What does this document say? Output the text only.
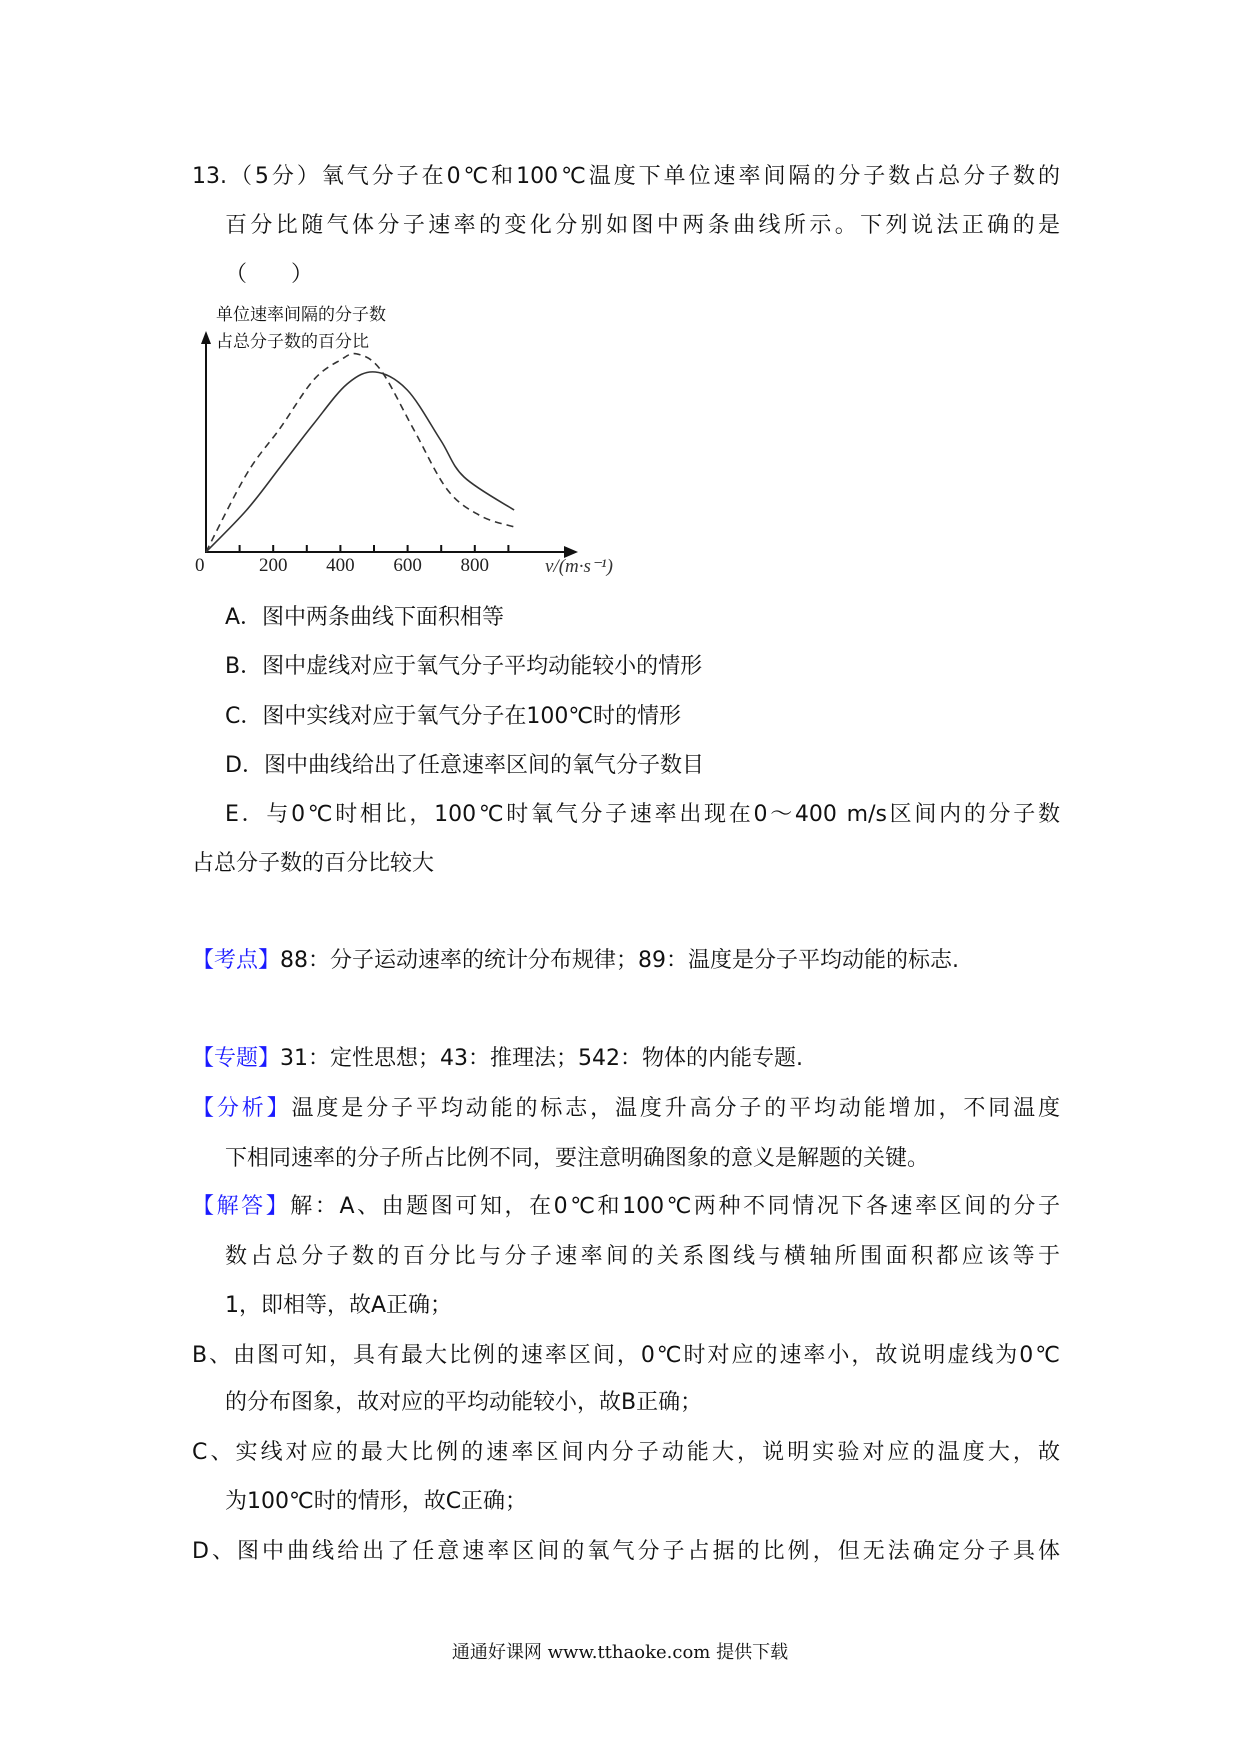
13.（5分）氧气分子在0℃和100℃温度下单位速率间隔的分子数占总分子数的
百分比随气体分子速率的变化分别如图中两条曲线所示。下列说法正确的是
（　　）
单位速率间隔的分子数
占总分子数的百分比
0	200 400 600 800	v/(m·s⁻¹)
A．图中两条曲线下面积相等
B．图中虚线对应于氧气分子平均动能较小的情形
C．图中实线对应于氧气分子在100℃时的情形
D．图中曲线给出了任意速率区间的氧气分子数目
E．与0℃时相比，100℃时氧气分子速率出现在0～400 m/s区间内的分子数
占总分子数的百分比较大
【考点】88：分子运动速率的统计分布规律；89：温度是分子平均动能的标志.
【专题】31：定性思想；43：推理法；542：物体的内能专题.
【分析】温度是分子平均动能的标志，温度升高分子的平均动能增加，不同温度
下相同速率的分子所占比例不同，要注意明确图象的意义是解题的关键。
【解答】解：A、由题图可知，在0℃和100℃两种不同情况下各速率区间的分子
数占总分子数的百分比与分子速率间的关系图线与横轴所围面积都应该等于
1，即相等，故A正确；
B、由图可知，具有最大比例的速率区间，0℃时对应的速率小，故说明虚线为0℃
的分布图象，故对应的平均动能较小，故B正确；
C、实线对应的最大比例的速率区间内分子动能大，说明实验对应的温度大，故
为100℃时的情形，故C正确；
D、图中曲线给出了任意速率区间的氧气分子占据的比例，但无法确定分子具体
通通好课网 www.tthaoke.com 提供下载
